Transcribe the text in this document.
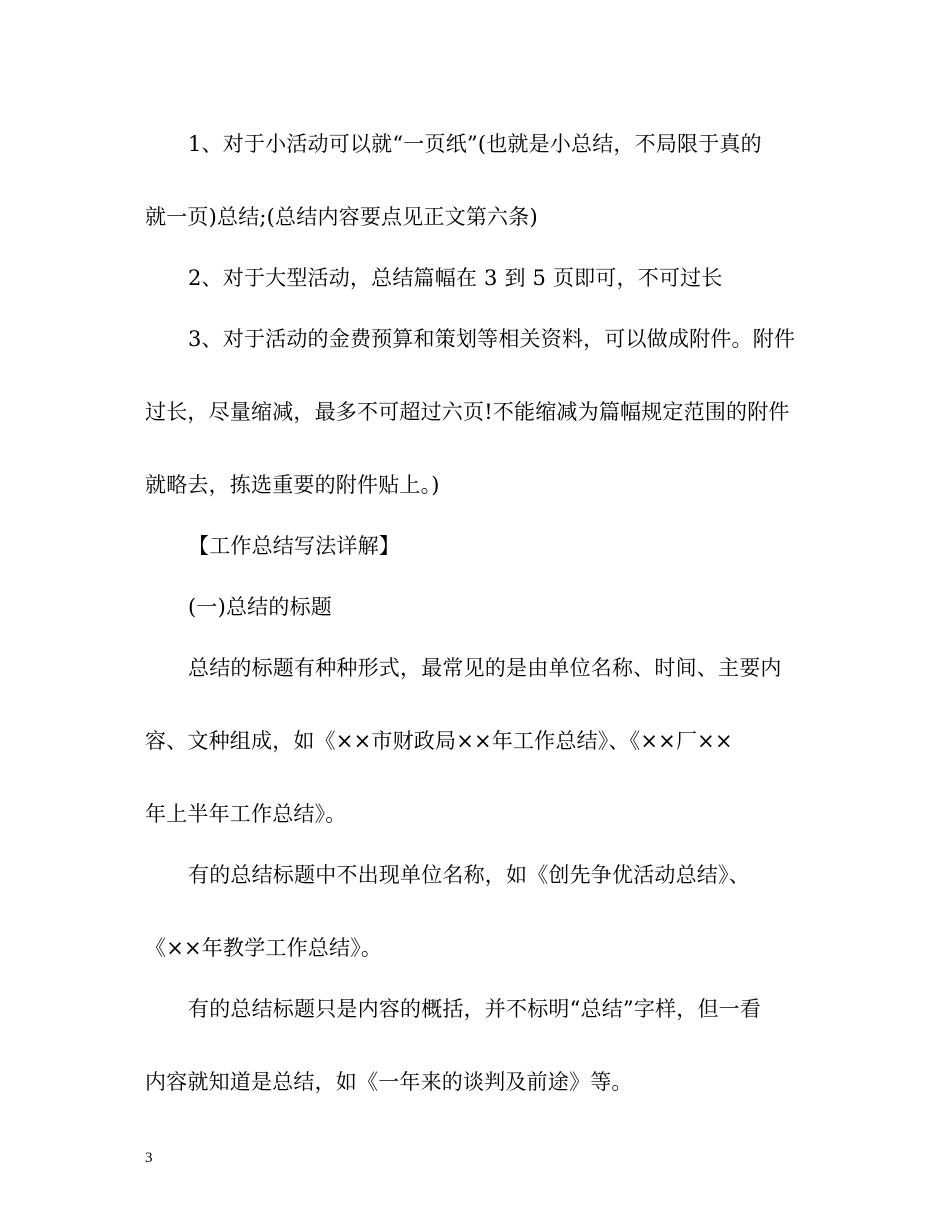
1、对于小活动可以就“一页纸”(也就是小总结，不局限于真的
就一页)总结;(总结内容要点见正文第六条)
2、对于大型活动，总结篇幅在 3 到 5 页即可，不可过长
3、对于活动的金费预算和策划等相关资料，可以做成附件。附件
过长，尽量缩减，最多不可超过六页!不能缩减为篇幅规定范围的附件
就略去，拣选重要的附件贴上。)
【工作总结写法详解】
(一)总结的标题
总结的标题有种种形式，最常见的是由单位名称、时间、主要内
容、文种组成，如《××市财政局××年工作总结》、《××厂××
年上半年工作总结》。
有的总结标题中不出现单位名称，如《创先争优活动总结》、
《××年教学工作总结》。
有的总结标题只是内容的概括，并不标明“总结”字样，但一看
内容就知道是总结，如《一年来的谈判及前途》等。
3
